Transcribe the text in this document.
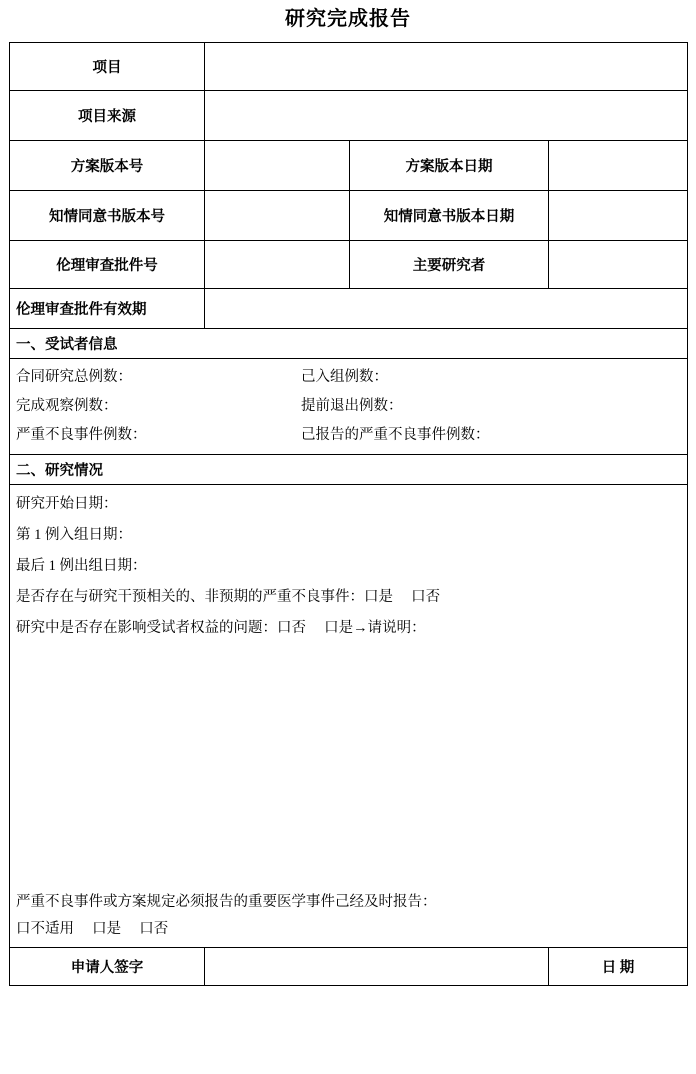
研究完成报告
项目			
项目来源			
方案版本号		方案版本日期	
知情同意书版本号		知情同意书版本日期	
伦理审查批件号		主要研究者	
伦理审查批件有效期			
一、受试者信息			

合同研究总例数：	己入组例数：
完成观察例数：	提前退出例数：
严重不良事件例数：	己报告的严重不良事件例数：

二、研究情况			

研究开始日期：
第 1 例入组日期：
最后 1 例出组日期：
是否存在与研究干预相关的、非预期的严重不良事件：口是　 口否
研究中是否存在影响受试者权益的问题：口否　 口是→请说明：
严重不良事件或方案规定必须报告的重要医学事件己经及时报告：
口不适用　 口是　 口否

申请人签字			日 期
